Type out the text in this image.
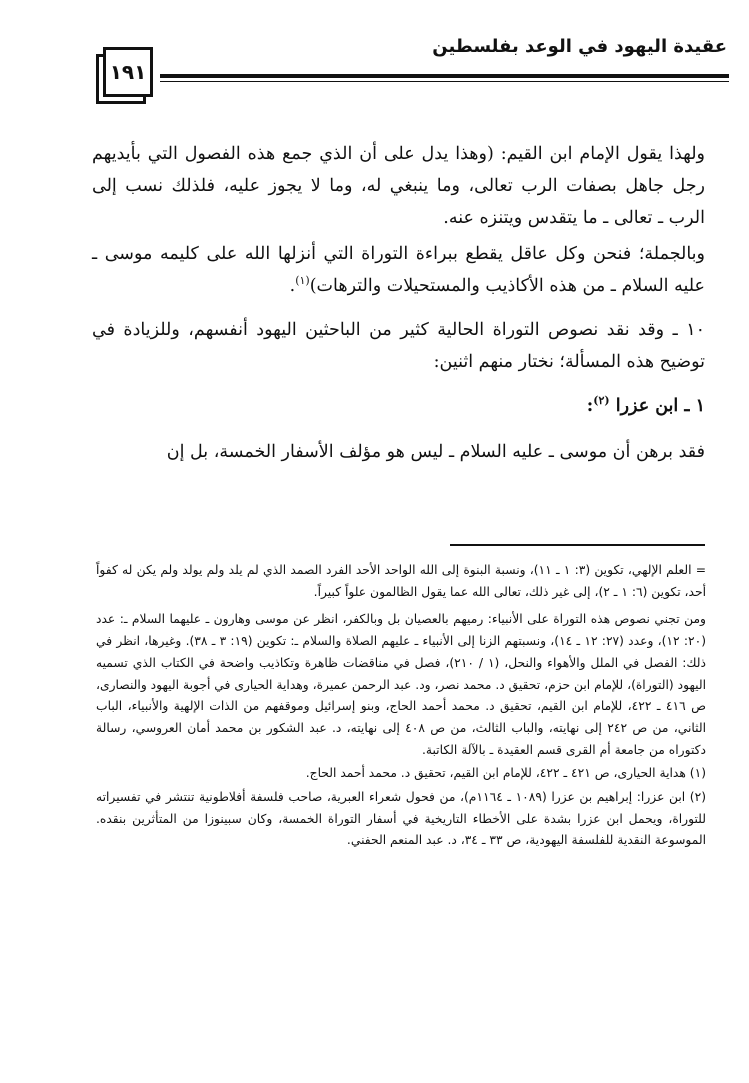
١٩١
عقيدة اليهود في الوعد بفلسطين

ولهذا يقول الإمام ابن القيم: (وهذا يدل على أن الذي جمع هذه الفصول التي بأيديهم رجل جاهل بصفات الرب تعالى، وما ينبغي له، وما لا يجوز عليه، فلذلك نسب إلى الرب ـ تعالى ـ ما يتقدس ويتنزه عنه.

وبالجملة؛ فنحن وكل عاقل يقطع ببراءة التوراة التي أنزلها الله على كليمه موسى ـ عليه السلام ـ من هذه الأكاذيب والمستحيلات والترهات)$^{(١)}$.

١٠ ـ وقد نقد نصوص التوراة الحالية كثير من الباحثين اليهود أنفسهم، وللزيادة في توضيح هذه المسألة؛ نختار منهم اثنين:

١ ـ ابن عزرا $^{(٢)}$:

فقد برهن أن موسى ـ عليه السلام ـ ليس هو مؤلف الأسفار الخمسة، بل إن

= العلم الإلهي، تكوين (٣: ١ ـ ١١)، ونسبة البنوة إلى الله الواحد الأحد الفرد الصمد الذي لم يلد ولم يولد ولم يكن له كفواً أحد، تكوين (٦: ١ ـ ٢)، إلى غير ذلك، تعالى الله عما يقول الظالمون علواً كبيراً.

ومن تجني نصوص هذه التوراة على الأنبياء: رميهم بالعصيان بل وبالكفر، انظر عن موسى وهارون ـ عليهما السلام ـ: عدد (٢٠: ١٢)، وعدد (٢٧: ١٢ ـ ١٤)، ونسبتهم الزنا إلى الأنبياء ـ عليهم الصلاة والسلام ـ: تكوين (١٩: ٣ ـ ٣٨). وغيرها، انظر في ذلك: الفصل في الملل والأهواء والنحل، (١ / ٢١٠)، فصل في مناقضات ظاهرة وتكاذيب واضحة في الكتاب الذي تسميه اليهود (التوراة)، للإمام ابن حزم، تحقيق د. محمد نصر، ود. عبد الرحمن عميرة، وهداية الحيارى في أجوبة اليهود والنصارى، ص ٤١٦ ـ ٤٢٢، للإمام ابن القيم، تحقيق د. محمد أحمد الحاج، وبنو إسرائيل وموقفهم من الذات الإلهية والأنبياء، الباب الثاني، من ص ٢٤٢ إلى نهايته، والباب الثالث، من ص ٤٠٨ إلى نهايته، د. عبد الشكور بن محمد أمان العروسي، رسالة دكتوراه من جامعة أم القرى قسم العقيدة ـ بالآلة الكاتبة.

(١) هداية الحيارى، ص ٤٢١ ـ ٤٢٢، للإمام ابن القيم، تحقيق د. محمد أحمد الحاج.

(٢) ابن عزرا: إبراهيم بن عزرا (١٠٨٩ ـ ١١٦٤م)، من فحول شعراء العبرية، صاحب فلسفة أفلاطونية تنتشر في تفسيراته للتوراة، ويحمل ابن عزرا بشدة على الأخطاء التاريخية في أسفار التوراة الخمسة، وكان سبينوزا من المتأثرين بنقده. الموسوعة النقدية للفلسفة اليهودية، ص ٣٣ ـ ٣٤، د. عبد المنعم الحفني.
